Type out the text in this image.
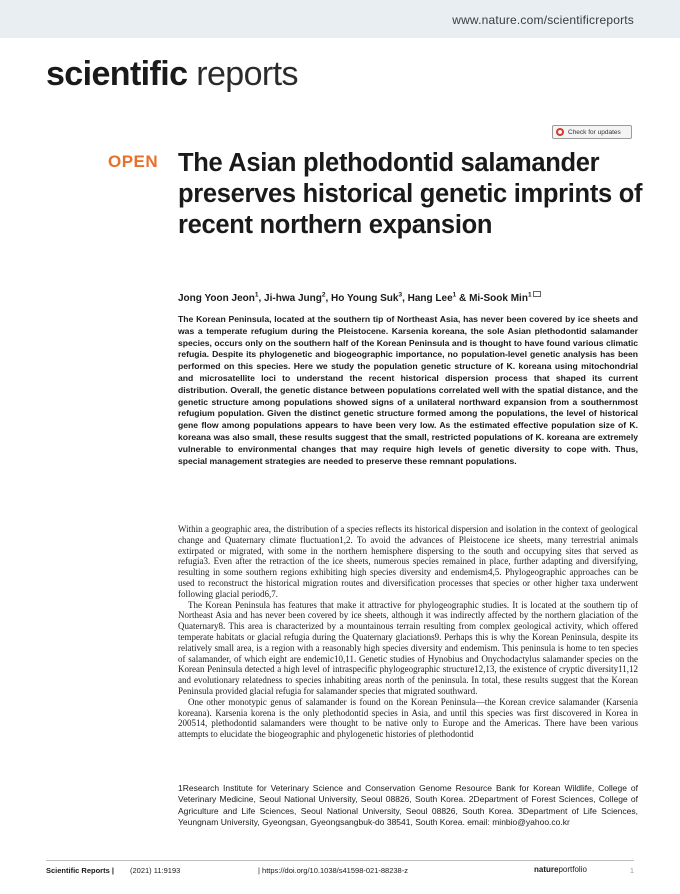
www.nature.com/scientificreports
scientific reports
Check for updates
OPEN The Asian plethodontid salamander preserves historical genetic imprints of recent northern expansion
Jong Yoon Jeon$^1$, Ji-hwa Jung$^2$, Ho Young Suk$^3$, Hang Lee$^1$ & Mi-Sook Min$^1$
The Korean Peninsula, located at the southern tip of Northeast Asia, has never been covered by ice sheets and was a temperate refugium during the Pleistocene. Karsenia koreana, the sole Asian plethodontid salamander species, occurs only on the southern half of the Korean Peninsula and is thought to have found various climatic refugia. Despite its phylogenetic and biogeographic importance, no population-level genetic analysis has been performed on this species. Here we study the population genetic structure of K. koreana using mitochondrial and microsatellite loci to understand the recent historical dispersion process that shaped its current distribution. Overall, the genetic distance between populations correlated well with the spatial distance, and the genetic structure among populations showed signs of a unilateral northward expansion from a southernmost refugium population. Given the distinct genetic structure formed among the populations, the level of historical gene flow among populations appears to have been very low. As the estimated effective population size of K. koreana was also small, these results suggest that the small, restricted populations of K. koreana are extremely vulnerable to environmental changes that may require high levels of genetic diversity to cope with. Thus, special management strategies are needed to preserve these remnant populations.

Within a geographic area, the distribution of a species reflects its historical dispersion and isolation in the context of geological change and Quaternary climate fluctuation1,2. To avoid the advances of Pleistocene ice sheets, many terrestrial animals extirpated or migrated, with some in the northern hemisphere dispersing to the south and occupying sites that served as refugia3. Even after the retraction of the ice sheets, numerous species remained in place, further adapting and diversifying, resulting in some southern regions exhibiting high species diversity and endemism4,5. Phylogeographic approaches can be used to reconstruct the historical migration routes and diversification processes that species or other higher taxa underwent following glacial period6,7.

The Korean Peninsula has features that make it attractive for phylogeographic studies. It is located at the southern tip of Northeast Asia and has never been covered by ice sheets, although it was indirectly affected by the northern glaciation of the Quaternary8. This area is characterized by a mountainous terrain resulting from complex geological activity, which offered temperate habitats or glacial refugia during the Quaternary glaciations9. Perhaps this is why the Korean Peninsula, despite its relatively small area, is a region with a reasonably high species diversity and endemism. This peninsula is home to ten species of salamander, of which eight are endemic10,11. Genetic studies of Hynobius and Onychodactylus salamander species on the Korean Peninsula detected a high level of intraspecific phylogeographic structure12,13, the existence of cryptic diversity11,12 and evolutionary relatedness to species inhabiting areas north of the peninsula. In total, these results suggest that the Korean Peninsula provided glacial refugia for salamander species that migrated southward.

One other monotypic genus of salamander is found on the Korean Peninsula—the Korean crevice salamander (Karsenia koreana). Karsenia korena is the only plethodontid species in Asia, and until this species was first discovered in Korea in 200514, plethodontid salamanders were thought to be native only to Europe and the Americas. There have been various attempts to elucidate the biogeographic and phylogenetic histories of plethodontid

1Research Institute for Veterinary Science and Conservation Genome Resource Bank for Korean Wildlife, College of Veterinary Medicine, Seoul National University, Seoul 08826, South Korea. 2Department of Forest Sciences, College of Agriculture and Life Sciences, Seoul National University, Seoul 08826, South Korea. 3Department of Life Sciences, Yeungnam University, Gyeongsan, Gyeongsangbuk-do 38541, South Korea. email: minbio@yahoo.co.kr
Scientific Reports | (2021) 11:9193	| https://doi.org/10.1038/s41598-021-88238-z	natureportfolio	1
